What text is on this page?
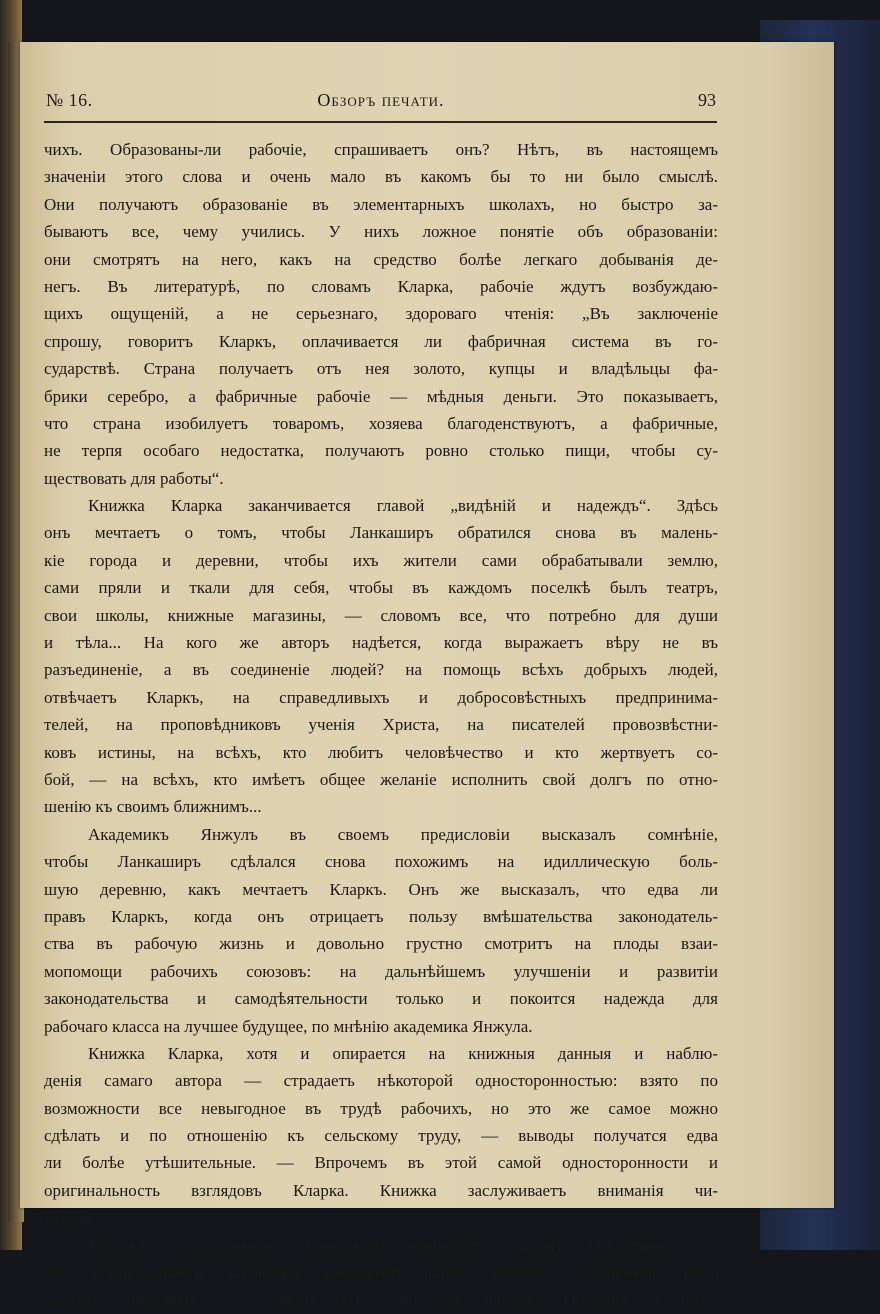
№ 16.	Обзоръ печати.	93
чихъ. Образованы-ли рабочіе, спрашиваетъ онъ? Нѣтъ, въ настоящемъ
значеніи этого слова и очень мало въ какомъ бы то ни было смыслѣ.
Они получаютъ образованіе въ элементарныхъ школахъ, но быстро за-
бываютъ все, чему учились. У нихъ ложное понятіе объ образованіи:
они смотрятъ на него, какъ на средство болѣе легкаго добыванія де-
негъ. Въ литературѣ, по словамъ Кларка, рабочіе ждутъ возбуждаю-
щихъ ощущеній, а не серьезнаго, здороваго чтенія: „Въ заключеніе
спрошу, говоритъ Кларкъ, оплачивается ли фабричная система въ го-
сударствѣ. Страна получаетъ отъ нея золото, купцы и владѣльцы фа-
брики серебро, а фабричные рабочіе — мѣдныя деньги. Это показываетъ,
что страна изобилуетъ товаромъ, хозяева благоденствуютъ, а фабричные,
не терпя особаго недостатка, получаютъ ровно столько пищи, чтобы су-
ществовать для работы“.
Книжка Кларка заканчивается главой „видѣній и надеждъ“. Здѣсь
онъ мечтаетъ о томъ, чтобы Ланкаширъ обратился снова въ малень-
кіе города и деревни, чтобы ихъ жители сами обрабатывали землю,
сами пряли и ткали для себя, чтобы въ каждомъ поселкѣ былъ театръ,
свои школы, книжные магазины, — словомъ все, что потребно для души
и тѣла... На кого же авторъ надѣется, когда выражаетъ вѣру не въ
разъединеніе, а въ соединеніе людей? на помощь всѣхъ добрыхъ людей,
отвѣчаетъ Кларкъ, на справедливыхъ и добросовѣстныхъ предпринима-
телей, на проповѣдниковъ ученія Христа, на писателей провозвѣстни-
ковъ истины, на всѣхъ, кто любитъ человѣчество и кто жертвуетъ со-
бой, — на всѣхъ, кто имѣетъ общее желаніе исполнить свой долгъ по отно-
шенію къ своимъ ближнимъ...
Академикъ Янжулъ въ своемъ предисловіи высказалъ сомнѣніе,
чтобы Ланкаширъ сдѣлался снова похожимъ на идиллическую боль-
шую деревню, какъ мечтаетъ Кларкъ. Онъ же высказалъ, что едва ли
правъ Кларкъ, когда онъ отрицаетъ пользу вмѣшательства законодатель-
ства въ рабочую жизнь и довольно грустно смотритъ на плоды взаи-
мопомощи рабочихъ союзовъ: на дальнѣйшемъ улучшеніи и развитіи
законодательства и самодѣятельности только и покоится надежда для
рабочаго класса на лучшее будущее, по мнѣнію академика Янжула.
Книжка Кларка, хотя и опирается на книжныя данныя и наблю-
денія самаго автора — страдаетъ нѣкоторой односторонностью: взято по
возможности все невыгодное въ трудѣ рабочихъ, но это же самое можно
сдѣлать и по отношенію къ сельскому труду, — выводы получатся едва
ли болѣе утѣшительные. — Впрочемъ въ этой самой односторонности и
оригинальность взглядовъ Кларка. Книжка заслуживаетъ вниманія чи-
тателя.
Книжка, составленная Бѣляевской, наоборотъ, вполнѣ объективна, —
она обрисовываетъ характеръ англійской націи, способы управленія, родъ
занятій, привычки, — словомъ здѣсь читатель найдетъ свѣдѣнія о томъ,
